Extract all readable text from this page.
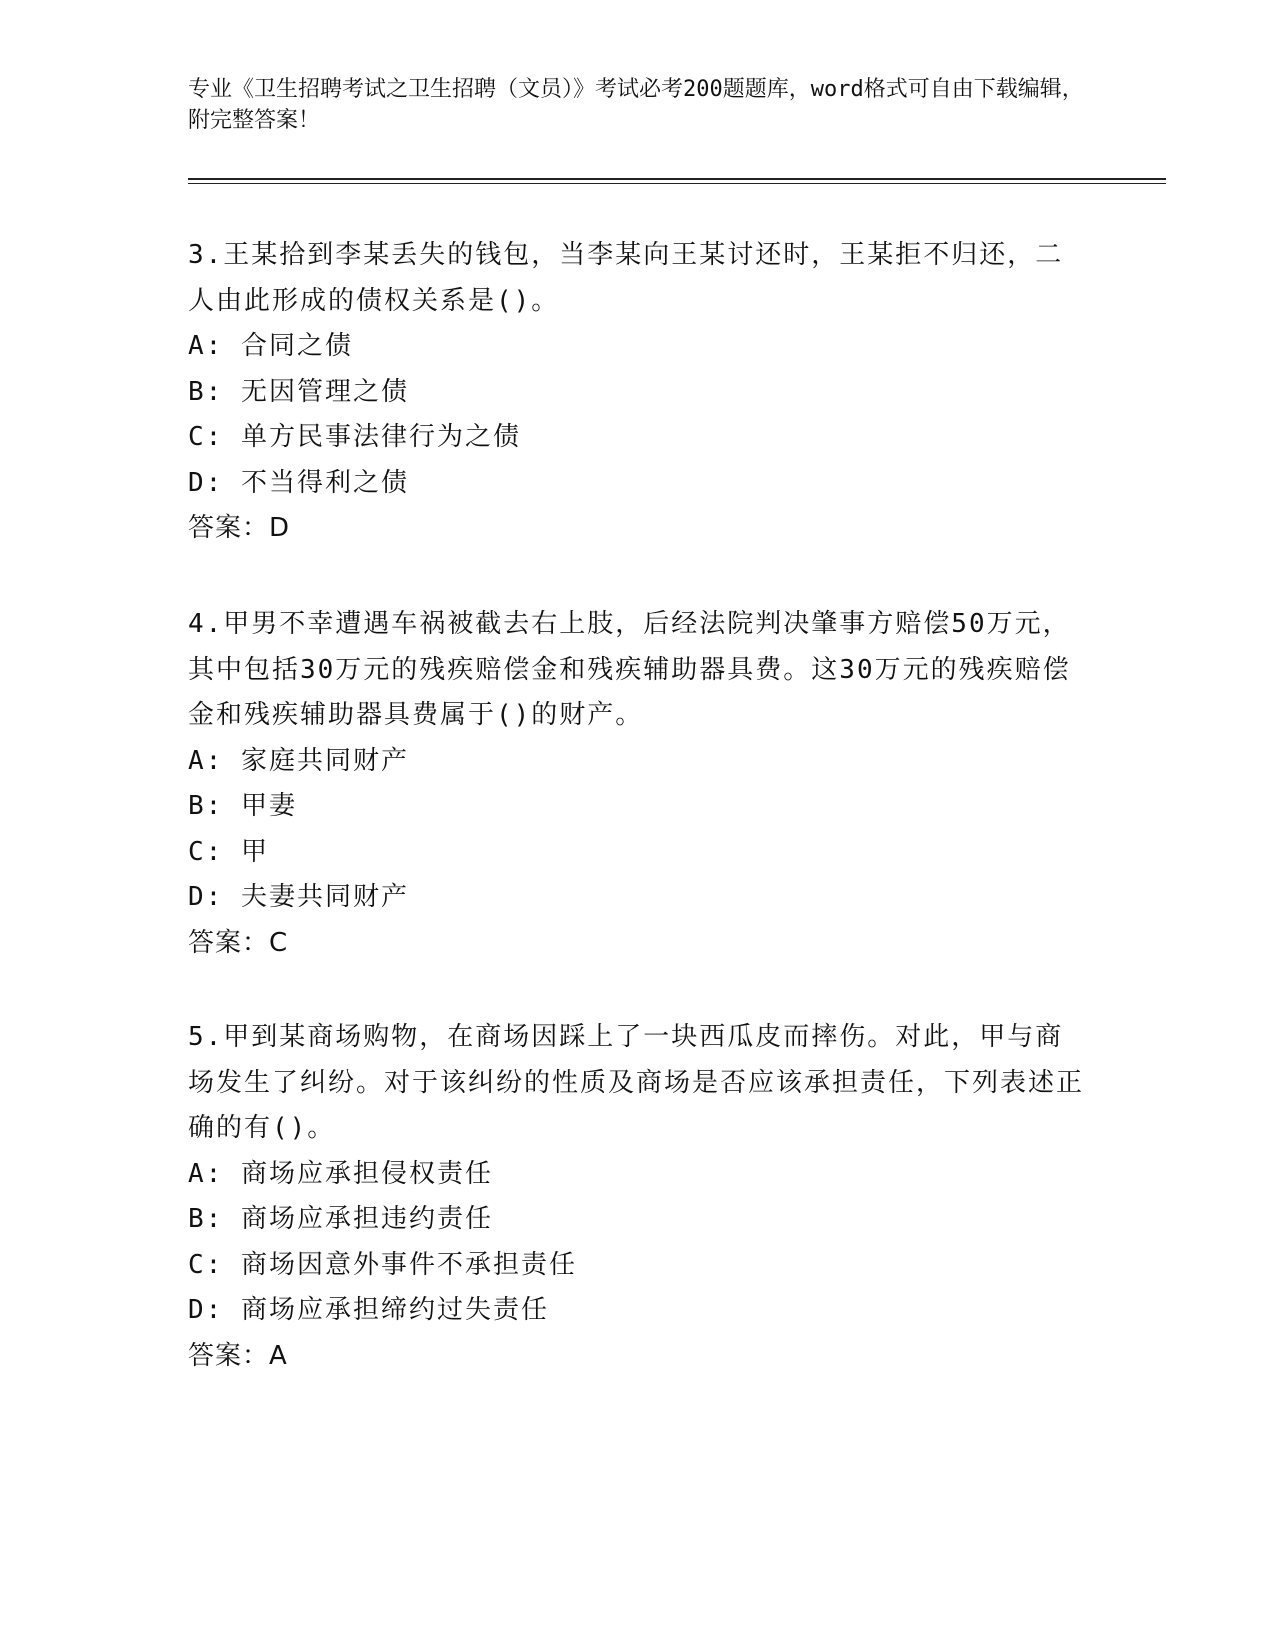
专业《卫生招聘考试之卫生招聘（文员）》考试必考200题题库，word格式可自由下载编辑，附完整答案！
3.王某拾到李某丢失的钱包，当李某向王某讨还时，王某拒不归还，二人由此形成的债权关系是()。
A: 合同之债
B: 无因管理之债
C: 单方民事法律行为之债
D: 不当得利之债
答案：D
4.甲男不幸遭遇车祸被截去右上肢，后经法院判决肇事方赔偿50万元，其中包括30万元的残疾赔偿金和残疾辅助器具费。这30万元的残疾赔偿金和残疾辅助器具费属于()的财产。
A: 家庭共同财产
B: 甲妻
C: 甲
D: 夫妻共同财产
答案：C
5.甲到某商场购物，在商场因踩上了一块西瓜皮而摔伤。对此，甲与商场发生了纠纷。对于该纠纷的性质及商场是否应该承担责任，下列表述正确的有()。
A: 商场应承担侵权责任
B: 商场应承担违约责任
C: 商场因意外事件不承担责任
D: 商场应承担缔约过失责任
答案：A
